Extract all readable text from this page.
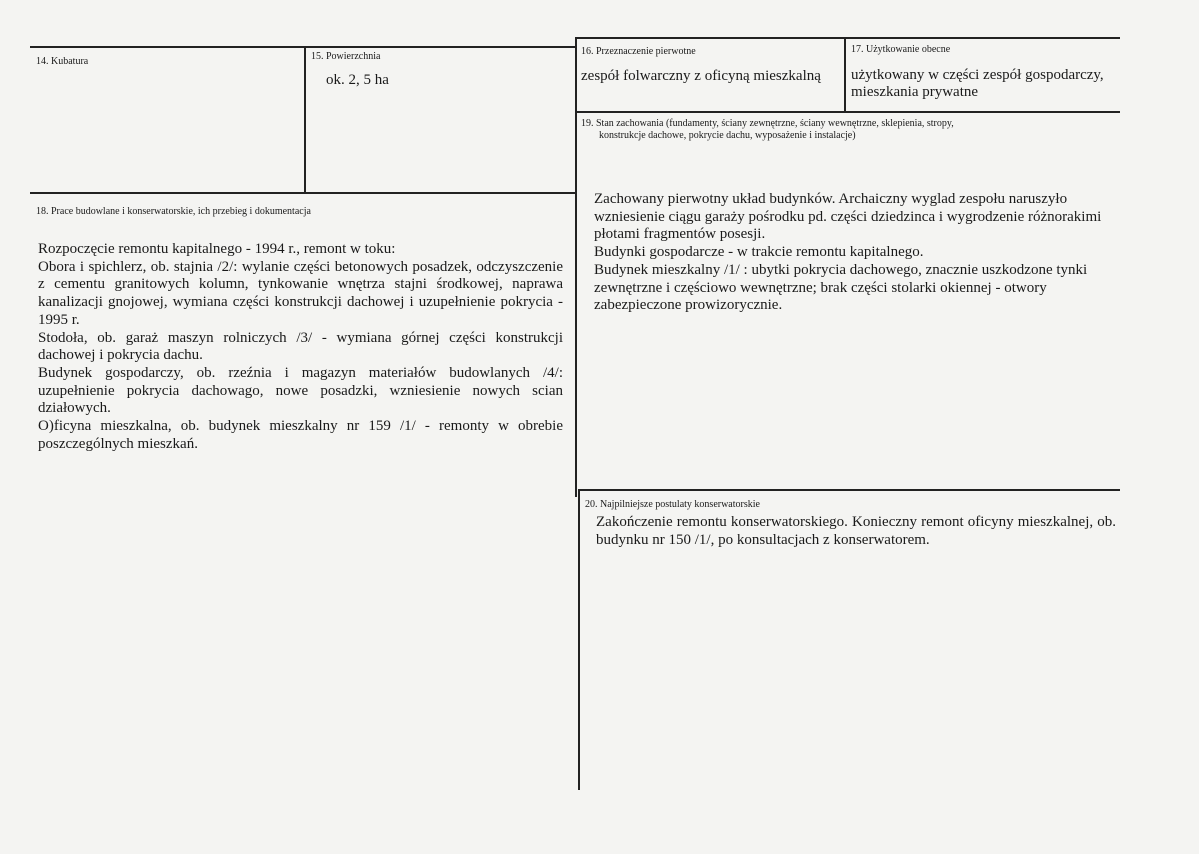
14. Kubatura	15. Powierzchnia
ok. 2, 5 ha
16. Przeznaczenie pierwotne
zespół folwarczny z oficyną mieszkalną
17. Użytkowanie obecne
użytkowany w części zespół gospodarczy, mieszkania prywatne
19. Stan zachowania (fundamenty, ściany zewnętrzne, ściany wewnętrzne, sklepienia, stropy,
konstrukcje dachowe, pokrycie dachu, wyposażenie i instalacje)
Zachowany pierwotny układ budynków. Archaiczny wyglad zespołu naruszyło wzniesienie ciągu garaży pośrodku pd. części dziedzinca i wygrodzenie różnorakimi płotami fragmentów posesji.
Budynki gospodarcze - w trakcie remontu kapitalnego.
Budynek mieszkalny /1/ : ubytki pokrycia dachowego, znacznie uszkodzone tynki zewnętrzne i częściowo wewnętrzne; brak części stolarki okiennej - otwory zabezpieczone prowizorycznie.
18. Prace budowlane i konserwatorskie, ich przebieg i dokumentacja
Rozpoczęcie remontu kapitalnego - 1994 r., remont w toku:
Obora i spichlerz, ob. stajnia /2/: wylanie części betonowych posadzek, odczyszczenie z cementu granitowych kolumn, tynkowanie wnętrza stajni środkowej, naprawa kanalizacji gnojowej, wymiana części konstrukcji dachowej i uzupełnienie pokrycia - 1995 r.
Stodoła, ob. garaż maszyn rolniczych /3/ - wymiana górnej części konstrukcji dachowej i pokrycia dachu.
Budynek gospodarczy, ob. rzeźnia i magazyn materiałów budowlanych /4/: uzupełnienie pokrycia dachowago, nowe posadzki, wzniesienie nowych scian działowych.
O)ficyna mieszkalna, ob. budynek mieszkalny nr 159 /1/ - remonty w obrebie poszczególnych mieszkań.
20. Najpilniejsze postulaty konserwatorskie
Zakończenie remontu konserwatorskiego. Konieczny remont oficyny mieszkalnej, ob. budynku nr 150 /1/, po konsultacjach z konserwatorem.
